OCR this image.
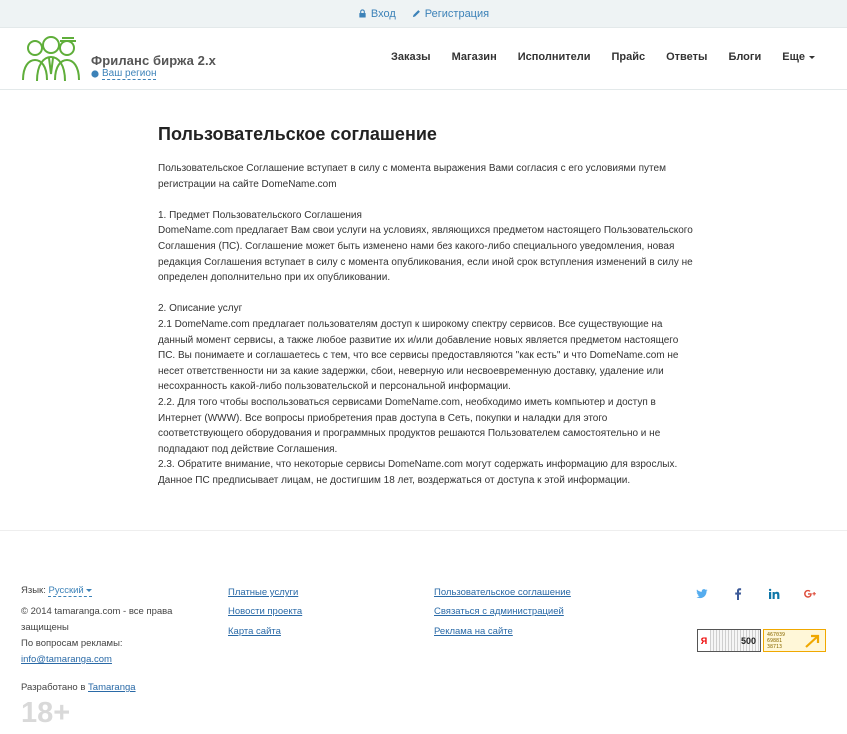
Вход	Регистрация
Фриланс биржа 2.x
Ваш регион
Заказы Магазин Исполнители Прайс Ответы Блоги Еще
Пользовательское соглашение

Пользовательское Соглашение вступает в силу с момента выражения Вами согласия с его условиями путем
регистрации на сайте DomeName.com

1. Предмет Пользовательского Соглашения
DomeName.com предлагает Вам свои услуги на условиях, являющихся предметом настоящего Пользовательского
Соглашения (ПС). Соглашение может быть изменено нами без какого-либо специального уведомления, новая
редакция Соглашения вступает в силу с момента опубликования, если иной срок вступления изменений в силу не
определен дополнительно при их опубликовании.

2. Описание услуг
2.1 DomeName.com предлагает пользователям доступ к широкому спектру сервисов. Все существующие на
данный момент сервисы, а также любое развитие их и/или добавление новых является предметом настоящего
ПС. Вы понимаете и соглашаетесь с тем, что все сервисы предоставляются "как есть" и что DomeName.com не
несет ответственности ни за какие задержки, сбои, неверную или несвоевременную доставку, удаление или
несохранность какой-либо пользовательской и персональной информации.
2.2. Для того чтобы воспользоваться сервисами DomeName.com, необходимо иметь компьютер и доступ в
Интернет (WWW). Все вопросы приобретения прав доступа в Сеть, покупки и наладки для этого
соответствующего оборудования и программных продуктов решаются Пользователем самостоятельно и не
подпадают под действие Соглашения.
2.3. Обратите внимание, что некоторые сервисы DomeName.com могут содержать информацию для взрослых.
Данное ПС предписывает лицам, не достигшим 18 лет, воздержаться от доступа к этой информации.

Язык: Русский
© 2014 tamaranga.com - все права
защищены
По вопросам рекламы:
info@tamaranga.com
Разработано в Tamaranga
18+
Платные услуги
Новости проекта
Карта сайта
Пользовательское соглашение
Связаться с администрацией
Реклама на сайте
Я	500
467039
69881
38713
